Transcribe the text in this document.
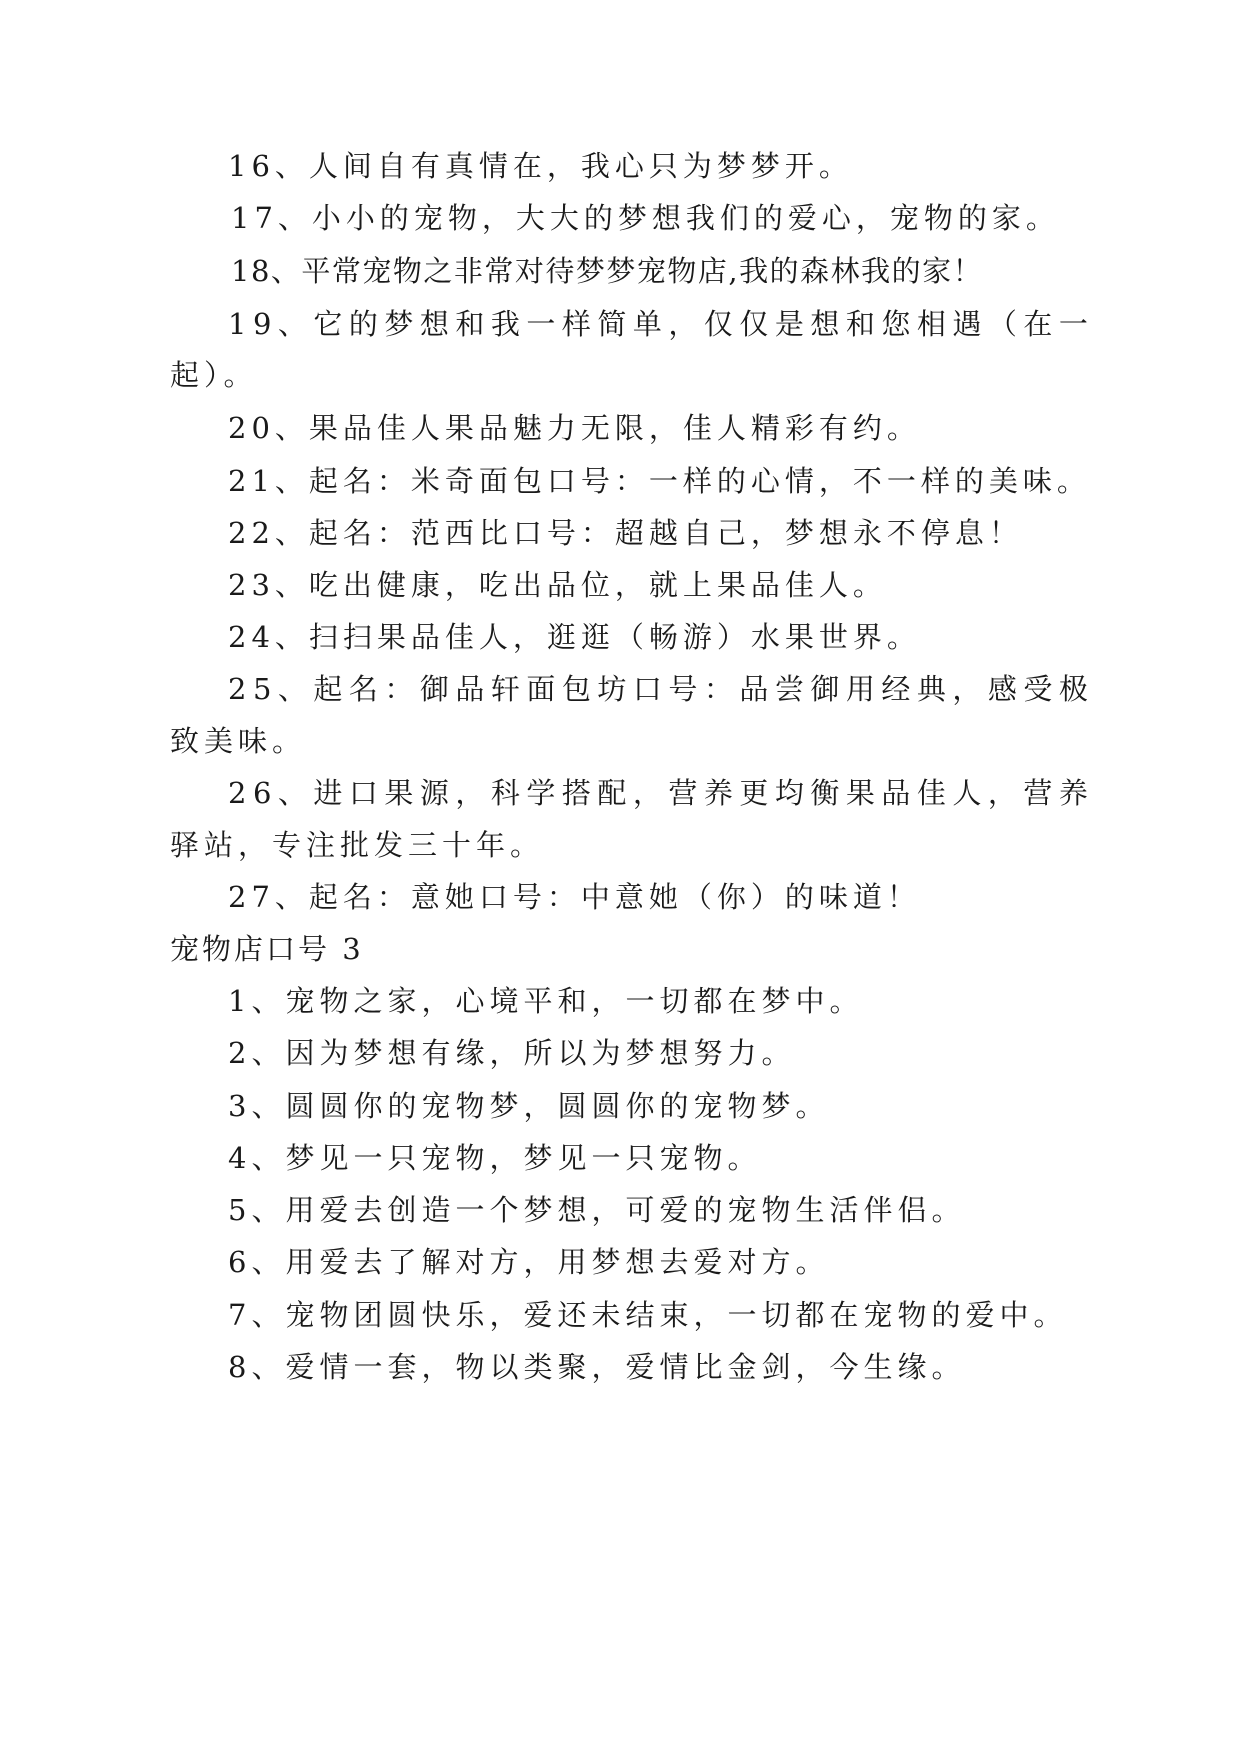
16、人间自有真情在，我心只为梦梦开。
17、小小的宠物，大大的梦想我们的爱心，宠物的家。
18、平常宠物之非常对待梦梦宠物店,我的森林我的家！
19、它的梦想和我一样简单，仅仅是想和您相遇（在一
起）。
20、果品佳人果品魅力无限，佳人精彩有约。
21、起名：米奇面包口号：一样的心情，不一样的美味。
22、起名：范西比口号：超越自己，梦想永不停息！
23、吃出健康，吃出品位，就上果品佳人。
24、扫扫果品佳人，逛逛（畅游）水果世界。
25、起名：御品轩面包坊口号：品尝御用经典，感受极
致美味。
26、进口果源，科学搭配，营养更均衡果品佳人，营养
驿站，专注批发三十年。
27、起名：意她口号：中意她（你）的味道！
宠物店口号 3
1、宠物之家，心境平和，一切都在梦中。
2、因为梦想有缘，所以为梦想努力。
3、圆圆你的宠物梦，圆圆你的宠物梦。
4、梦见一只宠物，梦见一只宠物。
5、用爱去创造一个梦想，可爱的宠物生活伴侣。
6、用爱去了解对方，用梦想去爱对方。
7、宠物团圆快乐，爱还未结束，一切都在宠物的爱中。
8、爱情一套，物以类聚，爱情比金剑，今生缘。
